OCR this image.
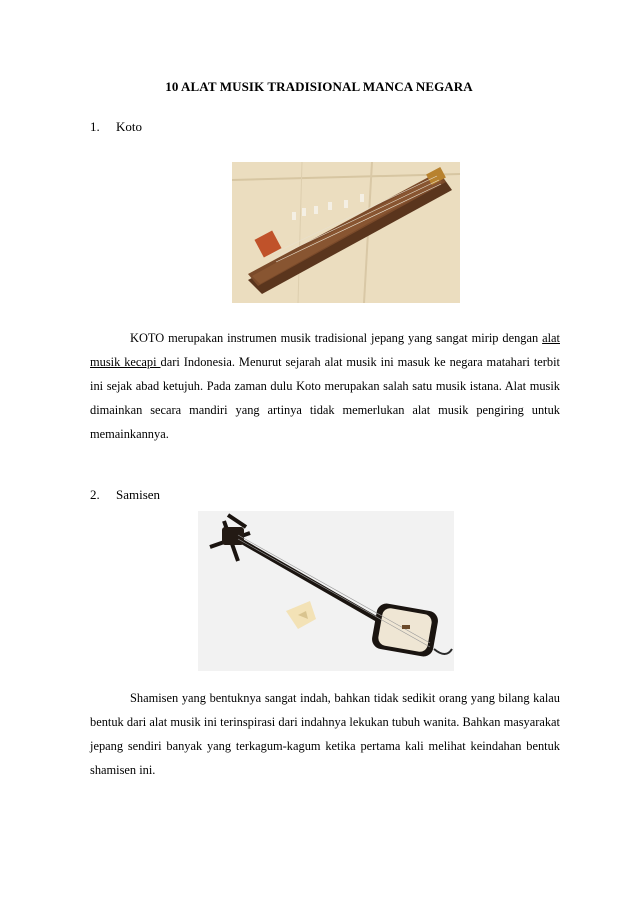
10 ALAT MUSIK TRADISIONAL MANCA NEGARA
1. Koto
KOTO merupakan instrumen musik tradisional jepang yang sangat mirip dengan alat musik kecapi dari Indonesia. Menurut sejarah alat musik ini masuk ke negara matahari terbit ini sejak abad ketujuh. Pada zaman dulu Koto merupakan salah satu musik istana. Alat musik dimainkan secara mandiri yang artinya tidak memerlukan alat musik pengiring untuk memainkannya.
2. Samisen
Shamisen yang bentuknya sangat indah, bahkan tidak sedikit orang yang bilang kalau bentuk dari alat musik ini terinspirasi dari indahnya lekukan tubuh wanita. Bahkan masyarakat jepang sendiri banyak yang terkagum-kagum ketika pertama kali melihat keindahan bentuk shamisen ini.
